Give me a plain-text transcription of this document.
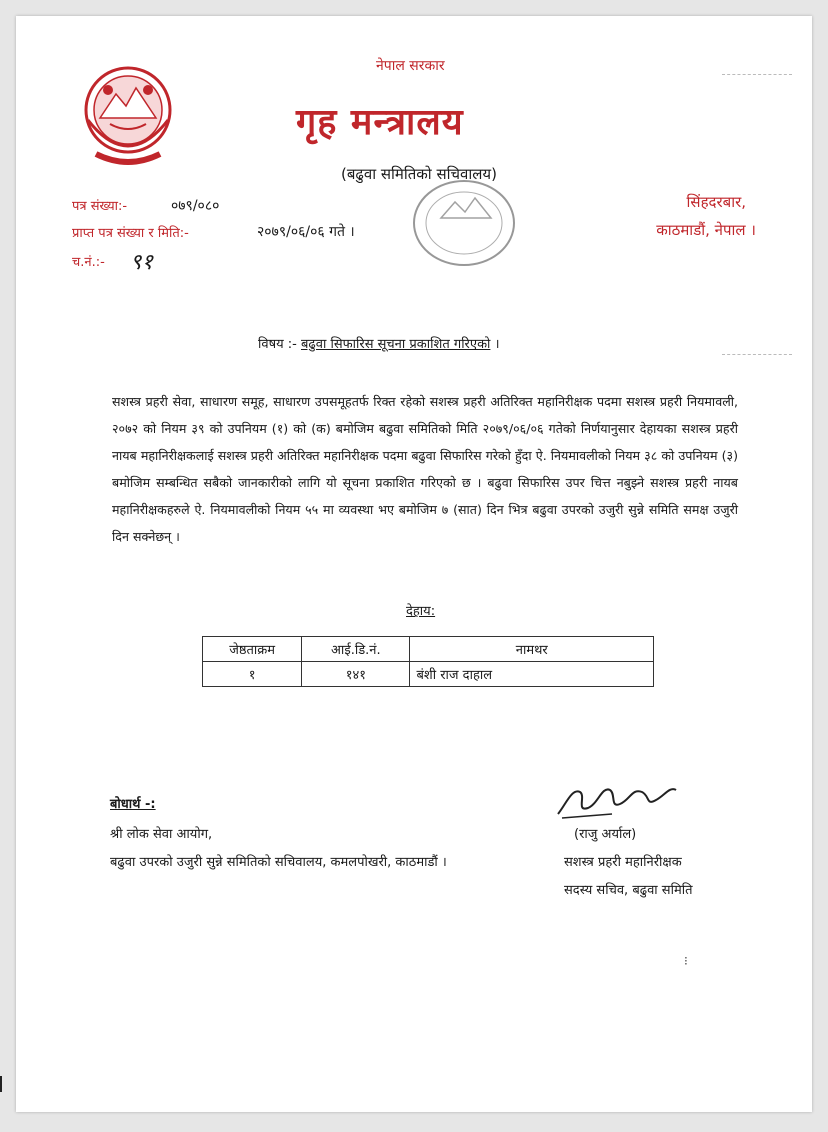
नेपाल सरकार
गृह मन्त्रालय
(बढुवा समितिको सचिवालय)
पत्र संख्या:-	०७९/०८०
प्राप्त पत्र संख्या र मिति:-	२०७९/०६/०६ गते ।
च.नं.:- ९१
सिंहदरबार,
काठमाडौं, नेपाल ।
विषय :- बढुवा सिफारिस सूचना प्रकाशित गरिएको ।
सशस्त्र प्रहरी सेवा, साधारण समूह, साधारण उपसमूहतर्फ रिक्त रहेको सशस्त्र प्रहरी अतिरिक्त महानिरीक्षक पदमा सशस्त्र प्रहरी नियमावली, २०७२ को नियम ३९ को उपनियम (१) को (क) बमोजिम बढुवा समितिको मिति २०७९/०६/०६ गतेको निर्णयानुसार देहायका सशस्त्र प्रहरी नायब महानिरीक्षकलाई सशस्त्र प्रहरी अतिरिक्त महानिरीक्षक पदमा बढुवा सिफारिस गरेको हुँदा ऐ. नियमावलीको नियम ३८ को उपनियम (३) बमोजिम सम्बन्धित सबैको जानकारीको लागि यो सूचना प्रकाशित गरिएको छ । बढुवा सिफारिस उपर चित्त नबुझ्ने सशस्त्र प्रहरी नायब महानिरीक्षकहरुले ऐ. नियमावलीको नियम ५५ मा व्यवस्था भए बमोजिम ७ (सात) दिन भित्र बढुवा उपरको उजुरी सुन्ने समिति समक्ष उजुरी दिन सक्नेछन् ।
देहाय:
जेष्ठताक्रम	आई.डि.नं.	नामथर
१	१४१	बंशी राज दाहाल
बोधार्थ -:
श्री लोक सेवा आयोग,
बढुवा उपरको उजुरी सुन्ने समितिको सचिवालय, कमलपोखरी, काठमाडौं ।
(राजु अर्याल)
सशस्त्र प्रहरी महानिरीक्षक
सदस्य सचिव, बढुवा समिति
⁝
